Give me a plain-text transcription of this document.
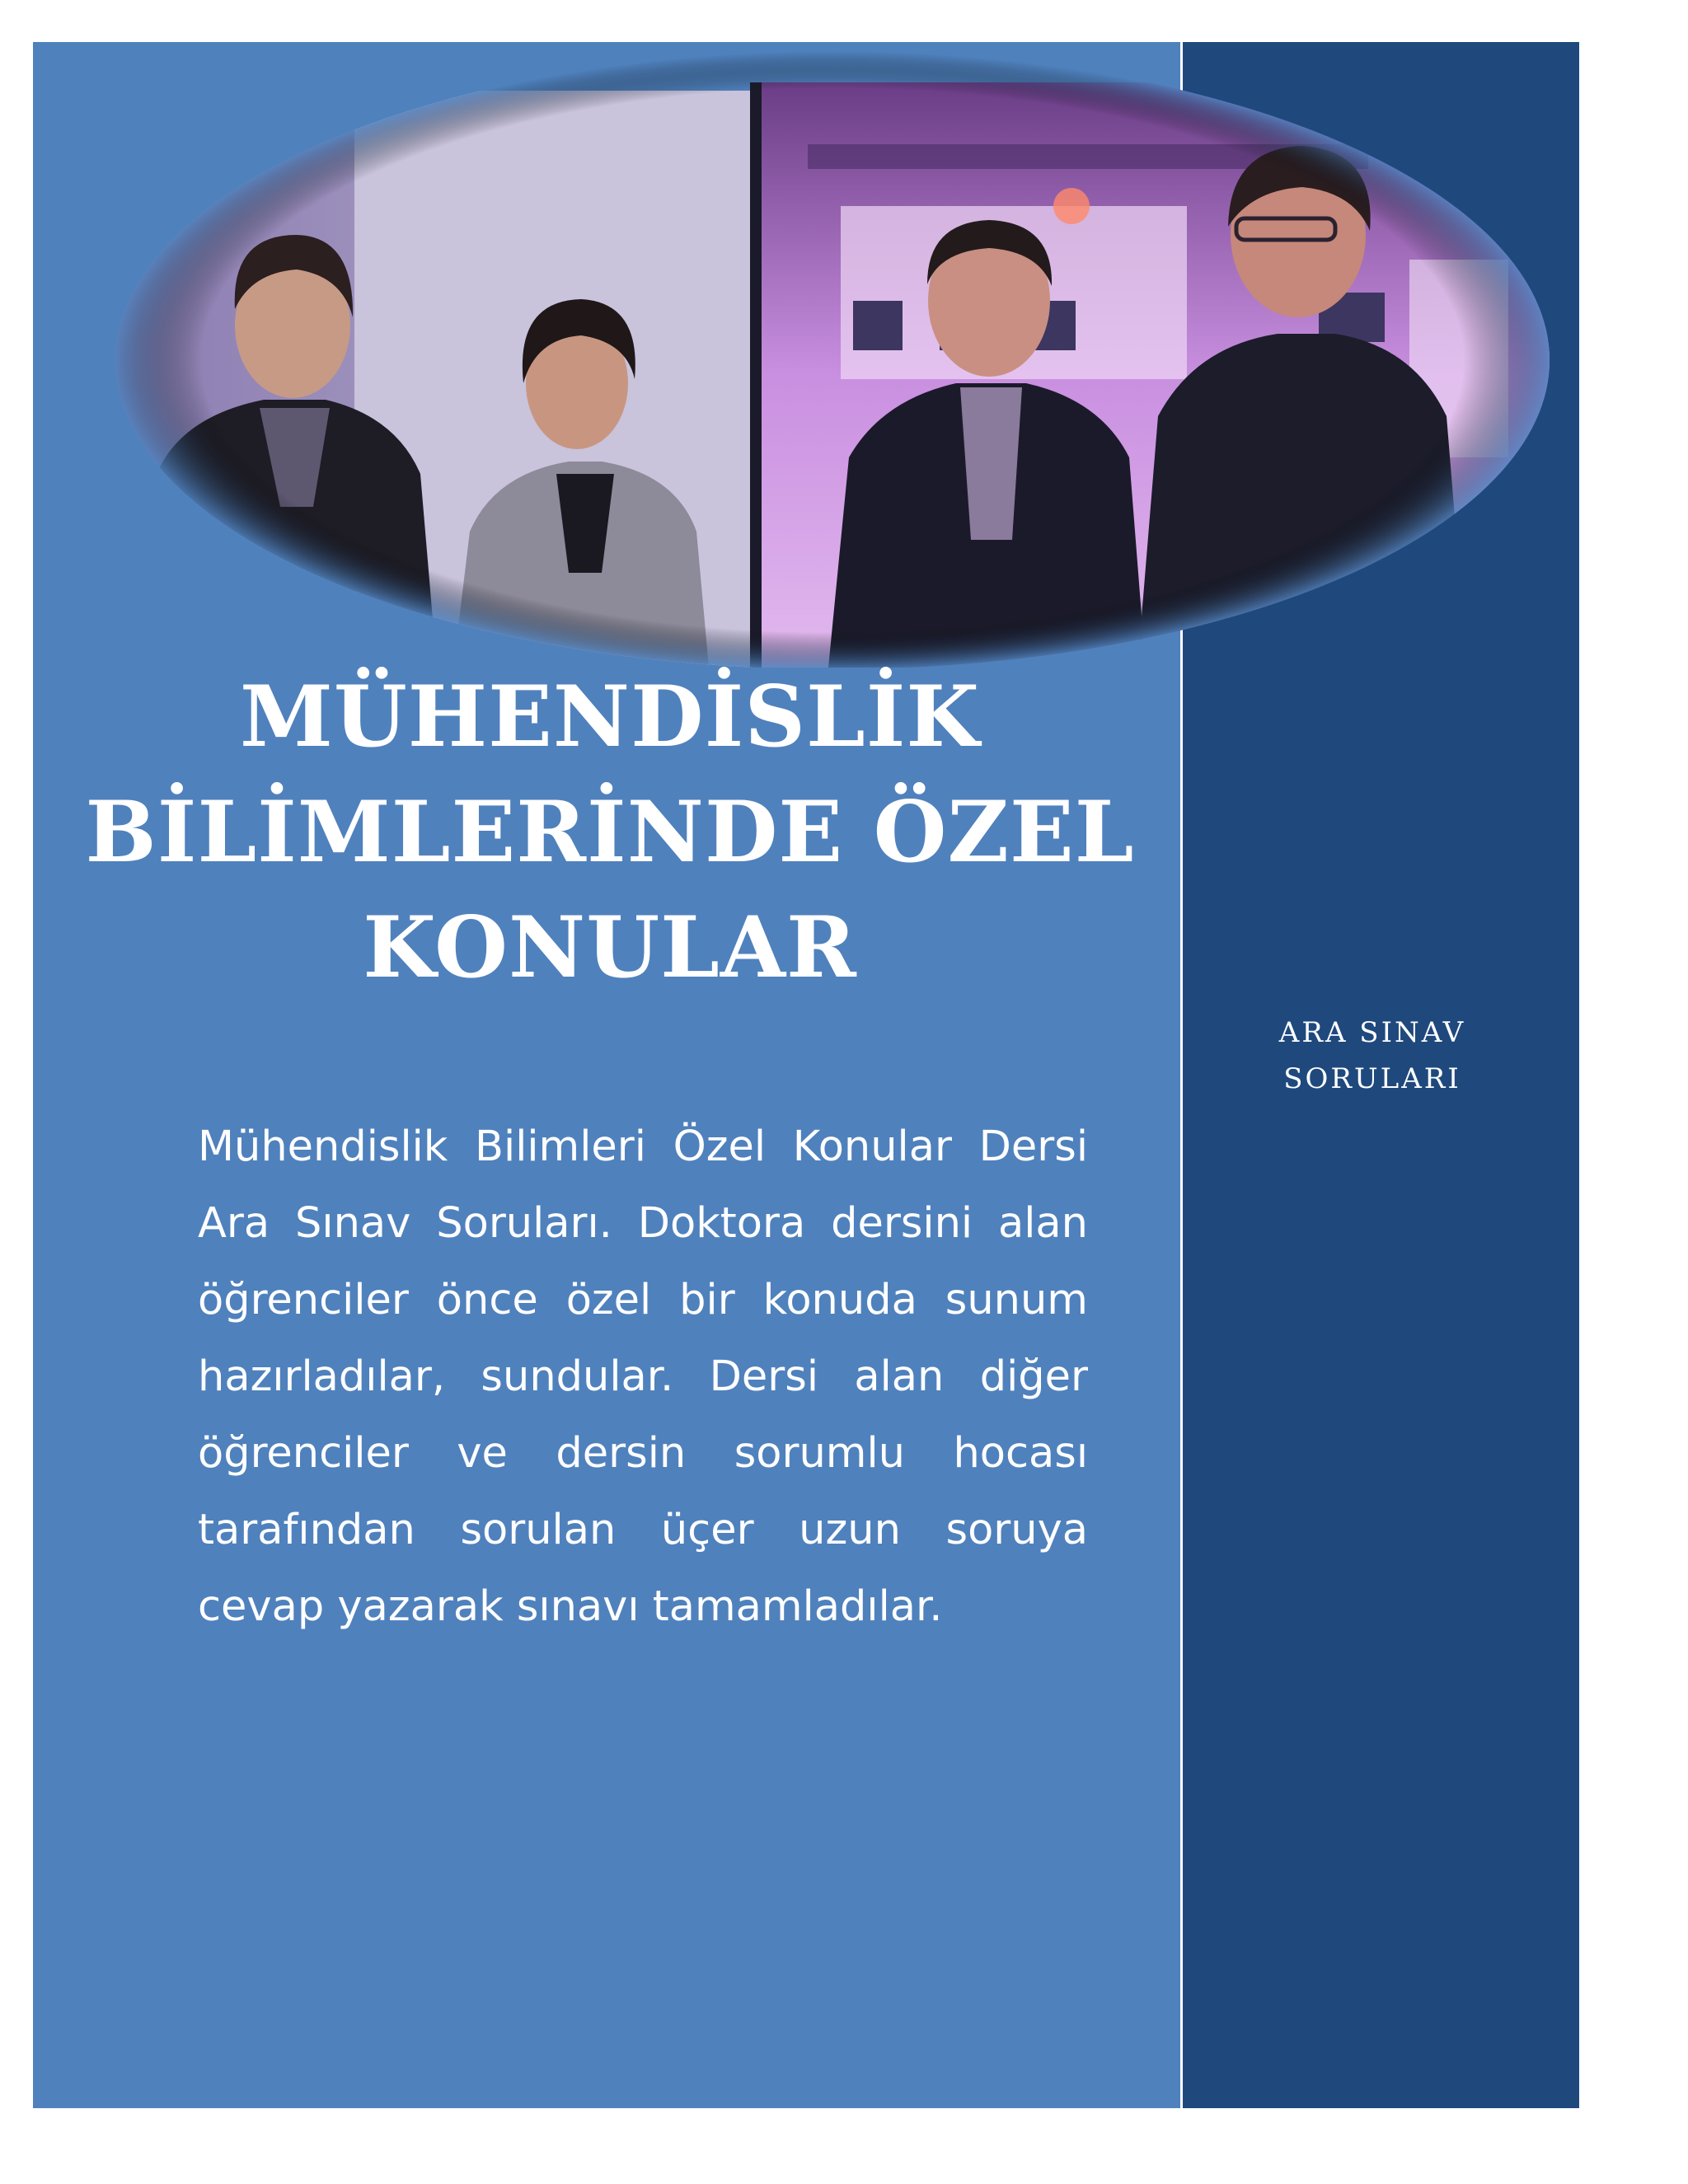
MÜHENDİSLİK BİLİMLERİNDE ÖZEL KONULAR

Mühendislik Bilimleri Özel Konular Dersi Ara Sınav Soruları. Doktora dersini alan öğrenciler önce özel bir konuda sunum hazırladılar, sundular. Dersi alan diğer öğrenciler ve dersin sorumlu hocası tarafından sorulan üçer uzun soruya cevap yazarak sınavı tamamladılar.

ARA SINAV SORULARI
